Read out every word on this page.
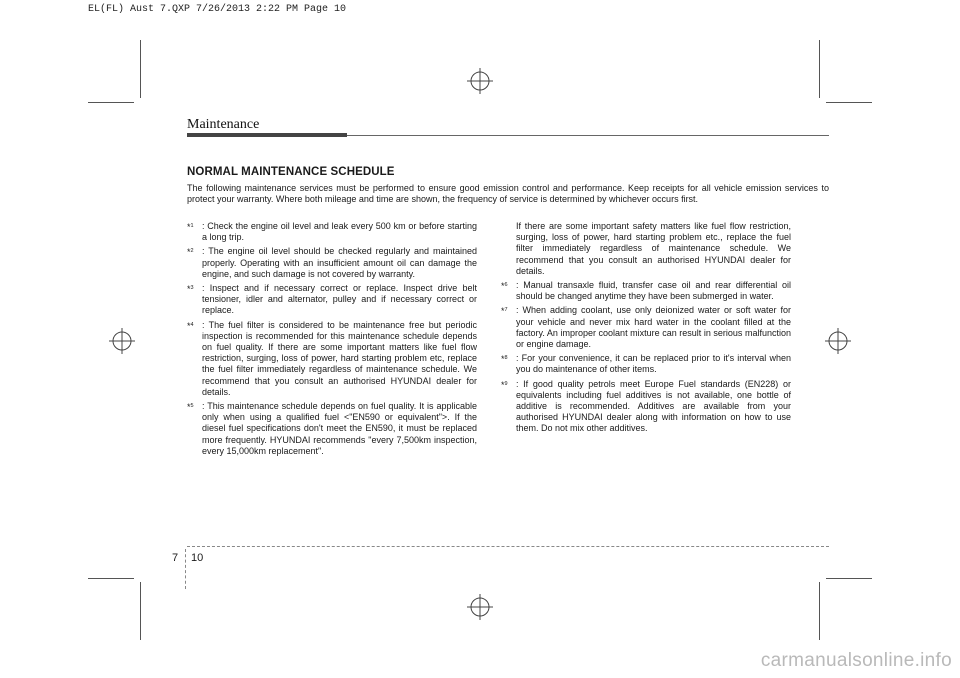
EL(FL) Aust 7.QXP 7/26/2013 2:22 PM Page 10
Maintenance
NORMAL MAINTENANCE SCHEDULE
The following maintenance services must be performed to ensure good emission control and performance. Keep receipts for all vehicle emission services to protect your warranty. Where both mileage and time are shown, the frequency of service is determined by whichever occurs first.
*$^1$ : Check the engine oil level and leak every 500 km or before starting a long trip.
*$^2$ : The engine oil level should be checked regularly and maintained properly. Operating with an insufficient amount oil can damage the engine, and such damage is not covered by warranty.
*$^3$ : Inspect and if necessary correct or replace. Inspect drive belt tensioner, idler and alternator, pulley and if necessary correct or replace.
*$^4$ : The fuel filter is considered to be maintenance free but periodic inspection is recommended for this maintenance schedule depends on fuel quality. If there are some important matters like fuel flow restriction, surging, loss of power, hard starting problem etc, replace the fuel filter immediately regardless of maintenance schedule. We recommend that you consult an authorised HYUNDAI dealer for details.
*$^5$ : This maintenance schedule depends on fuel quality. It is applicable only when using a qualified fuel <"EN590 or equivalent">. If the diesel fuel specifications don't meet the EN590, it must be replaced more frequently. HYUNDAI recommends "every 7,500km inspection, every 15,000km replacement".
If there are some important safety matters like fuel flow restriction, surging, loss of power, hard starting problem etc., replace the fuel filter immediately regardless of maintenance schedule. We recommend that you consult an authorised HYUNDAI dealer for details.
*$^6$ : Manual transaxle fluid, transfer case oil and rear differential oil should be changed anytime they have been submerged in water.
*$^7$ : When adding coolant, use only deionized water or soft water for your vehicle and never mix hard water in the coolant filled at the factory. An improper coolant mixture can result in serious malfunction or engine damage.
*$^8$ : For your convenience, it can be replaced prior to it's interval when you do maintenance of other items.
*$^9$ : If good quality petrols meet Europe Fuel standards (EN228) or equivalents including fuel additives is not available, one bottle of additive is recommended. Additives are available from your authorised HYUNDAI dealer along with information on how to use them. Do not mix other additives.
7 10
carmanualsonline.info
